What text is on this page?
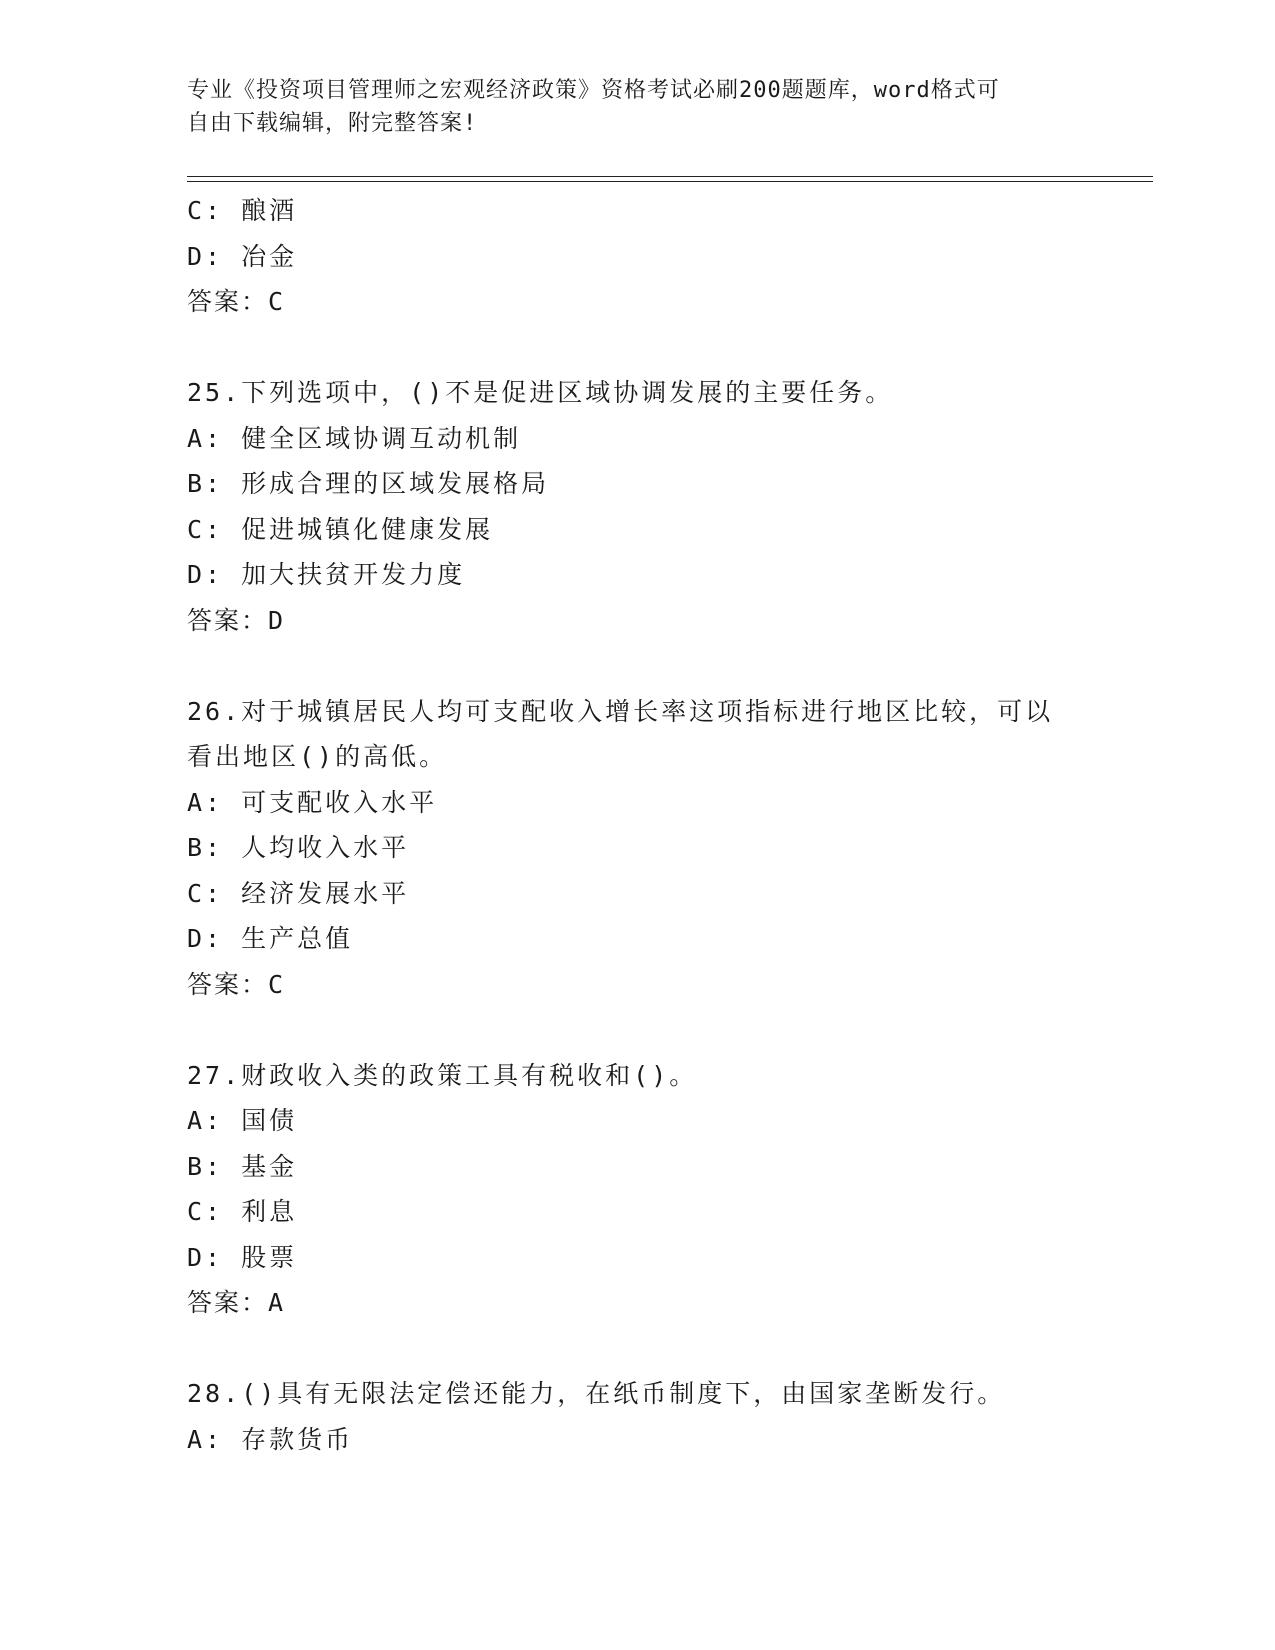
专业《投资项目管理师之宏观经济政策》资格考试必刷200题题库，word格式可
自由下载编辑，附完整答案!
C: 酿酒
D: 冶金
答案：C
25.下列选项中，()不是促进区域协调发展的主要任务。
A: 健全区域协调互动机制
B: 形成合理的区域发展格局
C: 促进城镇化健康发展
D: 加大扶贫开发力度
答案：D
26.对于城镇居民人均可支配收入增长率这项指标进行地区比较，可以
看出地区()的高低。
A: 可支配收入水平
B: 人均收入水平
C: 经济发展水平
D: 生产总值
答案：C
27.财政收入类的政策工具有税收和()。
A: 国债
B: 基金
C: 利息
D: 股票
答案：A
28.()具有无限法定偿还能力，在纸币制度下，由国家垄断发行。
A: 存款货币
